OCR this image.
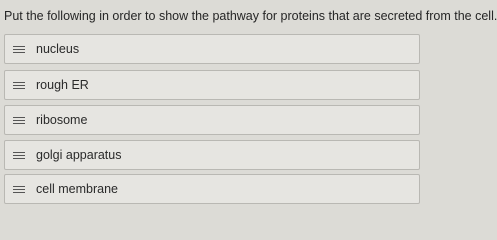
Put the following in order to show the pathway for proteins that are secreted from the cell.
nucleus
rough ER
ribosome
golgi apparatus
cell membrane
